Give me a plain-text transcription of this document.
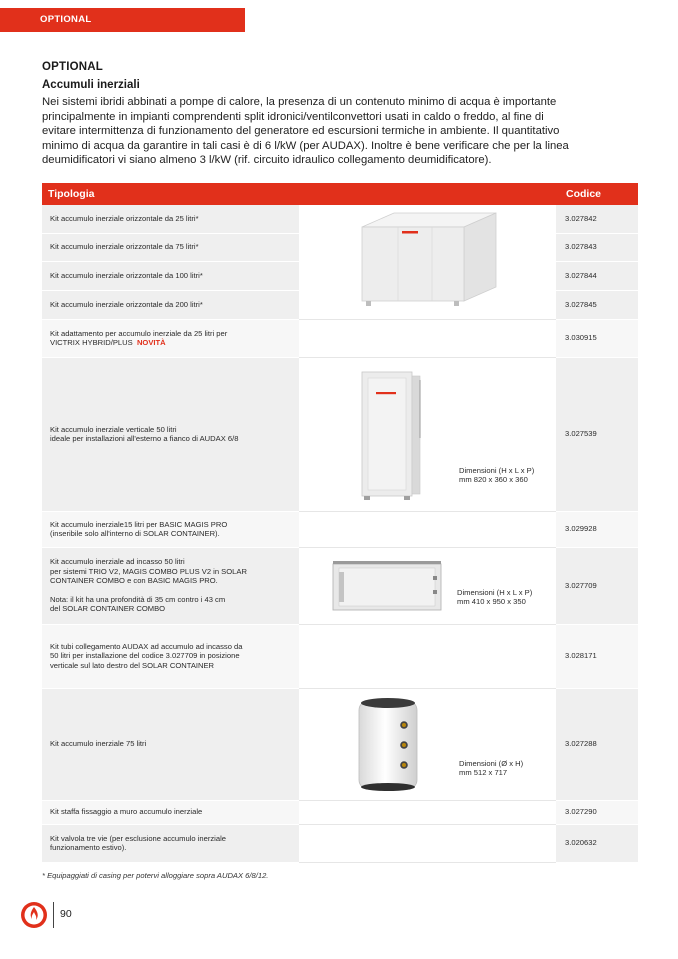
OPTIONAL
OPTIONAL
Accumuli inerziali
Nei sistemi ibridi abbinati a pompe di calore, la presenza di un contenuto minimo di acqua è importante
principalmente in impianti comprendenti split idronici/ventilconvettori usati in caldo o freddo, al fine di
evitare intermittenza di funzionamento del generatore ed escursioni termiche in ambiente. Il quantitativo
minimo di acqua da garantire in tali casi è di 6 l/kW (per AUDAX). Inoltre è bene verificare che per la linea
deumidificatori vi siano almeno 3 l/kW (rif. circuito idraulico collegamento deumidificatore).
Tipologia		Codice
Kit accumulo inerziale orizzontale da 25 litri*		3.027842
Kit accumulo inerziale orizzontale da 75 litri*		3.027843
Kit accumulo inerziale orizzontale da 100 litri*		3.027844
Kit accumulo inerziale orizzontale da 200 litri*		3.027845

Kit adattamento per accumulo inerziale da 25 litri per
VICTRIX HYBRID/PLUS NOVITÀ		3.030915

Kit accumulo inerziale verticale 50 litri
ideale per installazioni all'esterno a fianco di AUDAX 6/8	Dimensioni (H x L x P)
mm 820 x 360 x 360	3.027539

Kit accumulo inerziale15 litri per BASIC MAGIS PRO
(inseribile solo all'interno di SOLAR CONTAINER).		3.029928

Kit accumulo inerziale ad incasso 50 litri
per sistemi TRIO V2, MAGIS COMBO PLUS V2 in SOLAR
CONTAINER COMBO e con BASIC MAGIS PRO.
Nota: il kit ha una profondità di 35 cm contro i 43 cm
del SOLAR CONTAINER COMBO	Dimensioni (H x L x P)
mm 410 x 950 x 350	3.027709

Kit tubi collegamento AUDAX ad accumulo ad incasso da
50 litri per installazione del codice 3.027709 in posizione
verticale sul lato destro del SOLAR CONTAINER		3.028171
Kit accumulo inerziale 75 litri	Dimensioni (Ø x H)
mm 512 x 717	3.027288
Kit staffa fissaggio a muro accumulo inerziale		3.027290

Kit valvola tre vie (per esclusione accumulo inerziale
funzionamento estivo).		3.020632
* Equipaggiati di casing per potervi alloggiare sopra AUDAX 6/8/12.
90
